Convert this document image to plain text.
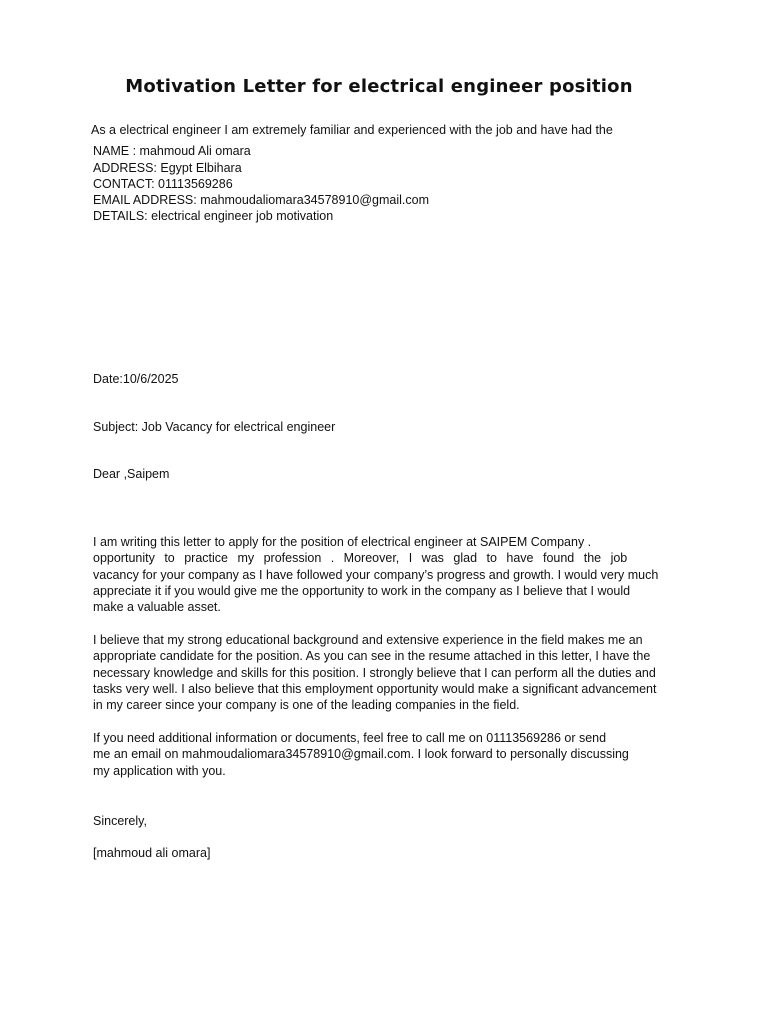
Motivation Letter for electrical engineer position
As a electrical engineer I am extremely familiar and experienced with the job and have had the
NAME : mahmoud Ali omara
ADDRESS: Egypt Elbihara
CONTACT: 01113569286
EMAIL ADDRESS: mahmoudaliomara34578910@gmail.com
DETAILS: electrical engineer job motivation
Date:10/6/2025
Subject: Job Vacancy for electrical engineer
Dear ,Saipem
I am writing this letter to apply for the position of electrical engineer at SAIPEM Company .
opportunity to practice my profession . Moreover, I was glad to have found the job
vacancy for your company as I have followed your company’s progress and growth. I would very much
appreciate it if you would give me the opportunity to work in the company as I believe that I would
make a valuable asset.
I believe that my strong educational background and extensive experience in the field makes me an
appropriate candidate for the position. As you can see in the resume attached in this letter, I have the
necessary knowledge and skills for this position. I strongly believe that I can perform all the duties and
tasks very well. I also believe that this employment opportunity would make a significant advancement
in my career since your company is one of the leading companies in the field.
If you need additional information or documents, feel free to call me on 01113569286 or send
me an email on mahmoudaliomara34578910@gmail.com. I look forward to personally discussing
my application with you.
Sincerely,
[mahmoud ali omara]
